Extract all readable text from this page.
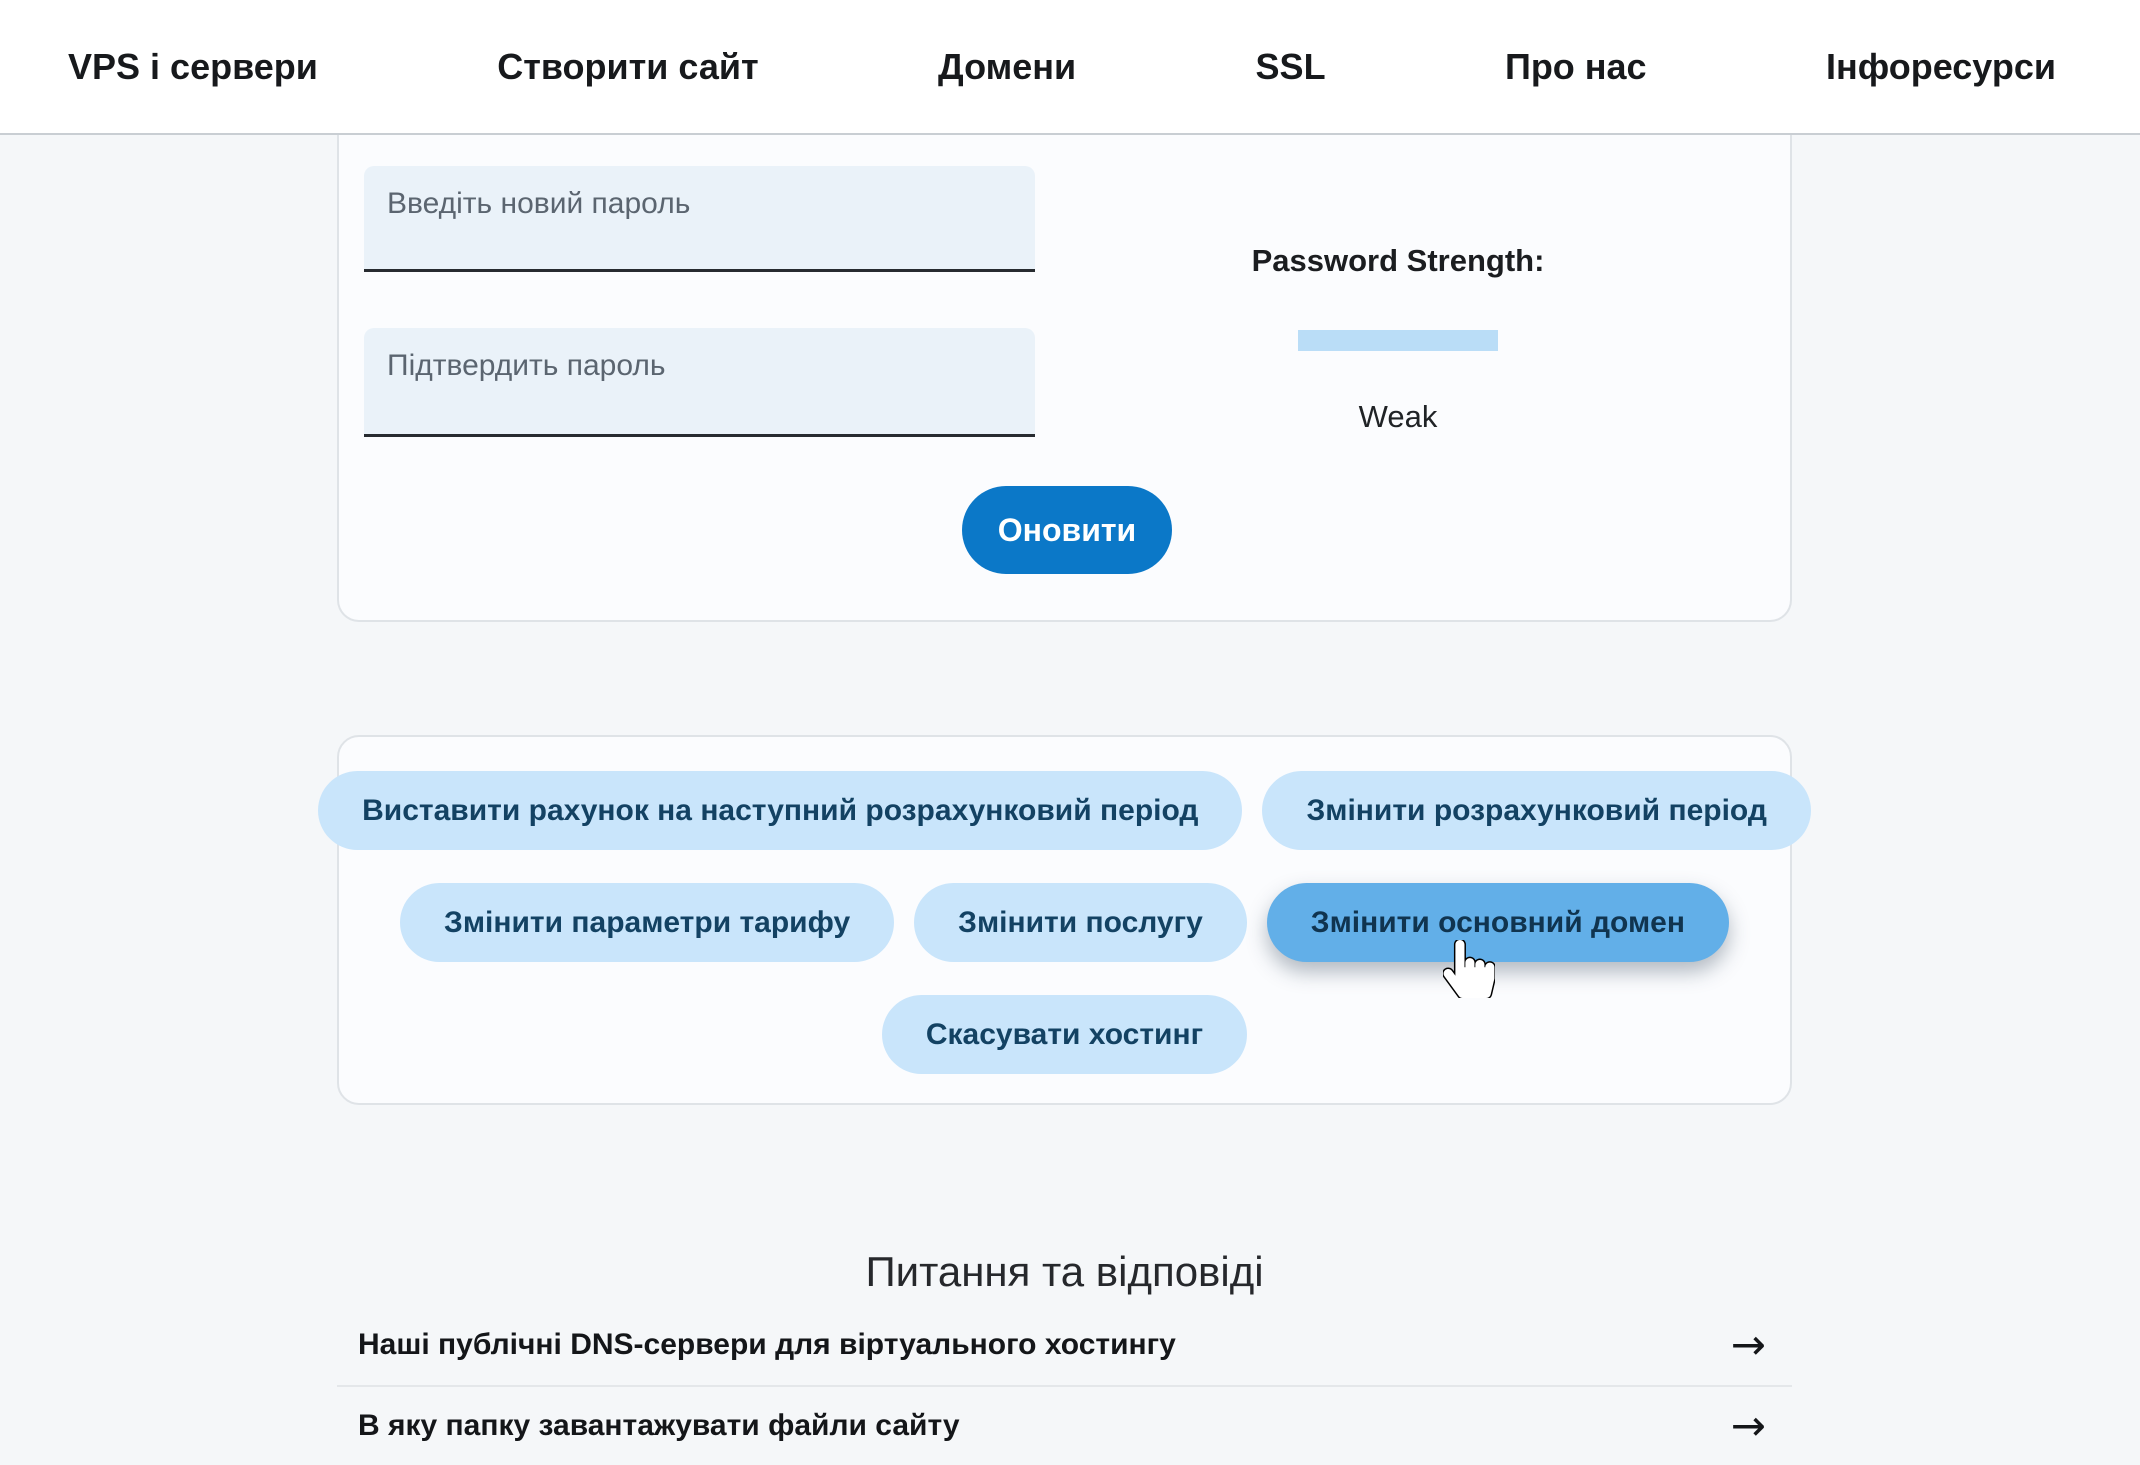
VPS і сервери	Створити сайт	Домени	SSL	Про нас	Інфоресурси
Введіть новий пароль
Підтвердить пароль
Password Strength:
Weak
Оновити
Виставити рахунок на наступний розрахунковий період	Змінити розрахунковий період
Змінити параметри тарифу	Змінити послугу	Змінити основний домен
Скасувати хостинг
Питання та відповіді
Наші публічні DNS-сервери для віртуального хостингу	→
В яку папку завантажувати файли сайту	→
